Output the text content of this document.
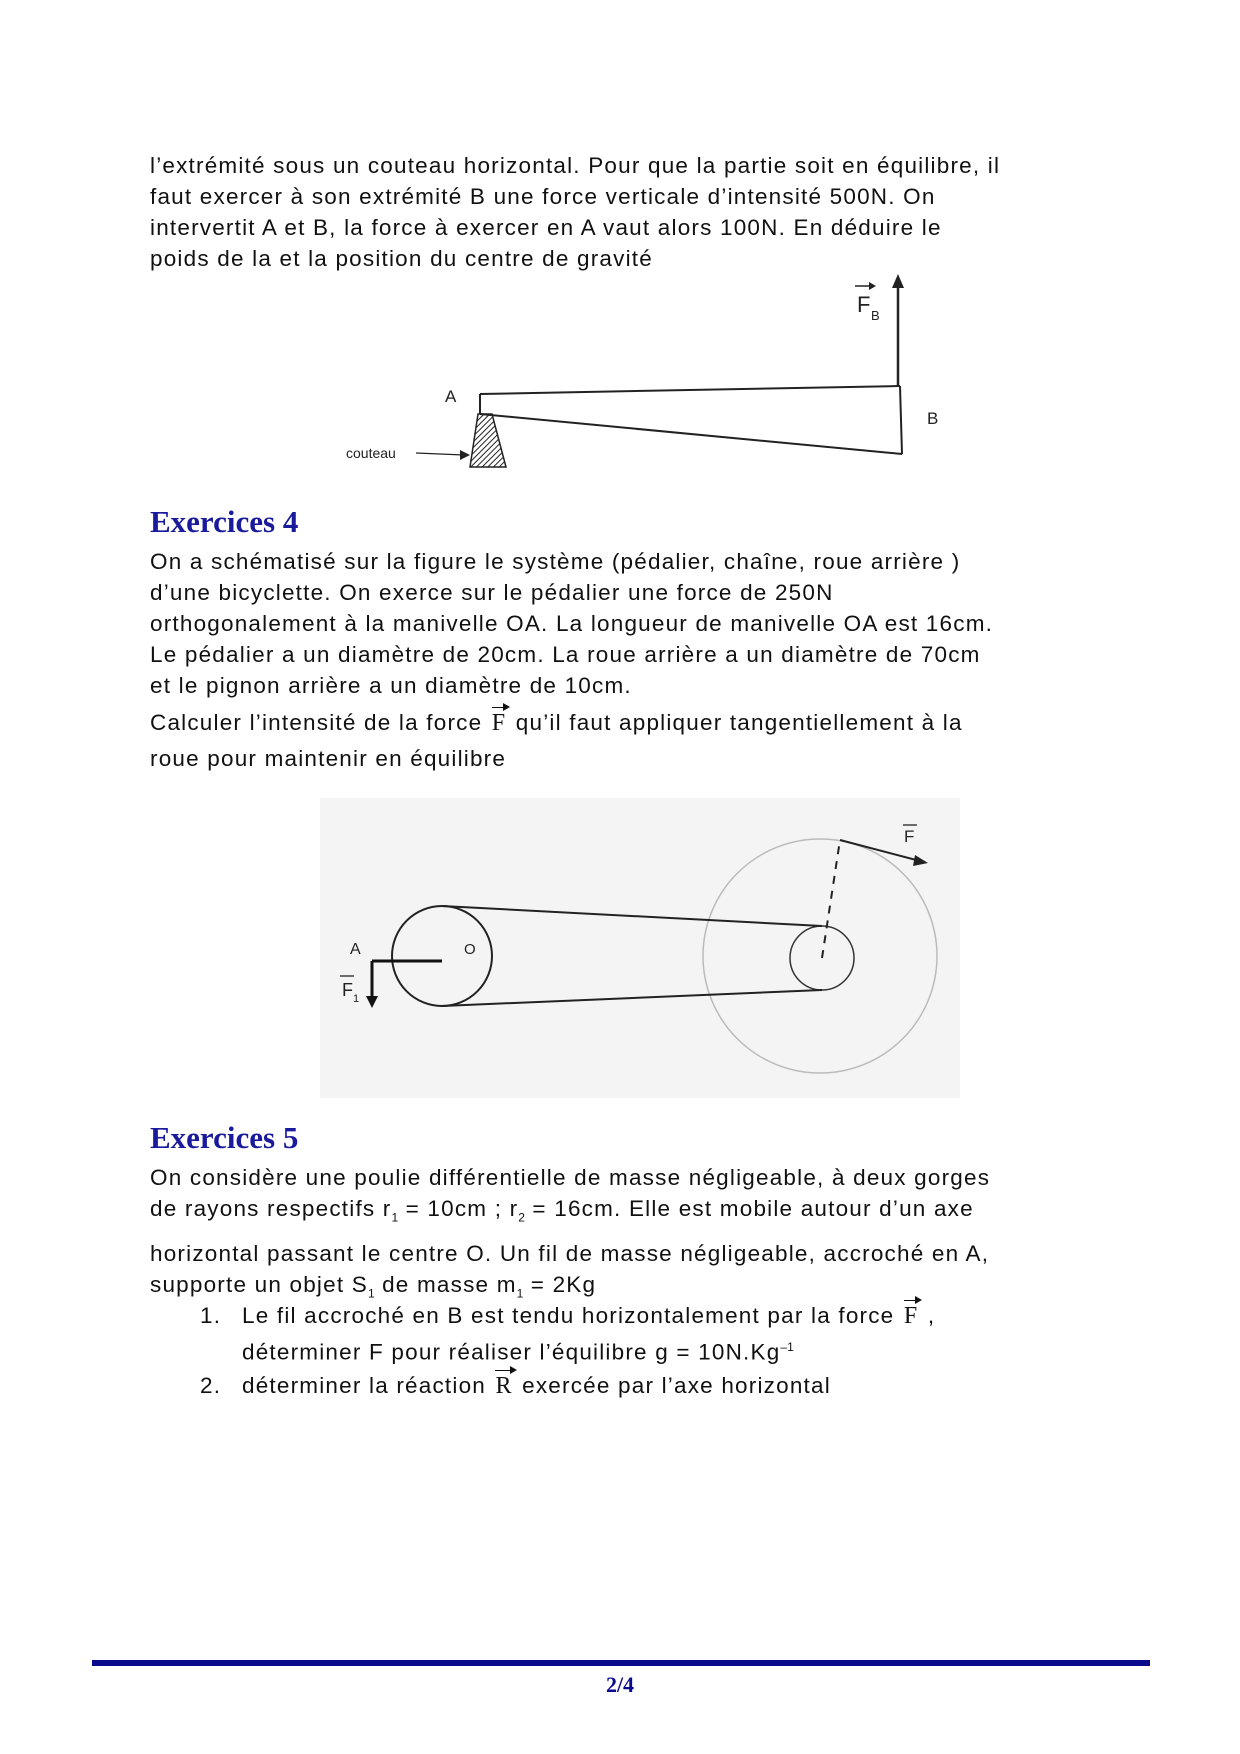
l’extrémité sous un couteau horizontal. Pour que la partie soit en équilibre, il
faut exercer à son extrémité B une force verticale d’intensité 500N. On
intervertit A et B, la force à exercer en A vaut alors 100N. En déduire le
poids de la et la position du centre de gravité
F B
A
B
couteau
Exercices 4
On a schématisé sur la figure le système (pédalier, chaîne, roue arrière )
d’une bicyclette. On exerce sur le pédalier une force de 250N
orthogonalement à la manivelle OA. La longueur de manivelle OA est 16cm.
Le pédalier a un diamètre de 20cm. La roue arrière a un diamètre de 70cm
et le pignon arrière a un diamètre de 10cm.
Calculer l’intensité de la force F qu’il faut appliquer tangentiellement à la
roue pour maintenir en équilibre
A	O
F 1
F
Exercices 5
On considère une poulie différentielle de masse négligeable, à deux gorges
de rayons respectifs $r_1 = 10cm$ ; $r_2 = 16cm$. Elle est mobile autour d’un axe
horizontal passant le centre O. Un fil de masse négligeable, accroché en A,
supporte un objet $S_1$ de masse $m_1 = 2Kg$
1. Le fil accroché en B est tendu horizontalement par la force F ,
déterminer F pour réaliser l’équilibre $g = 10N.Kg^{-1}$
2. déterminer la réaction R exercée par l’axe horizontal
2/4
